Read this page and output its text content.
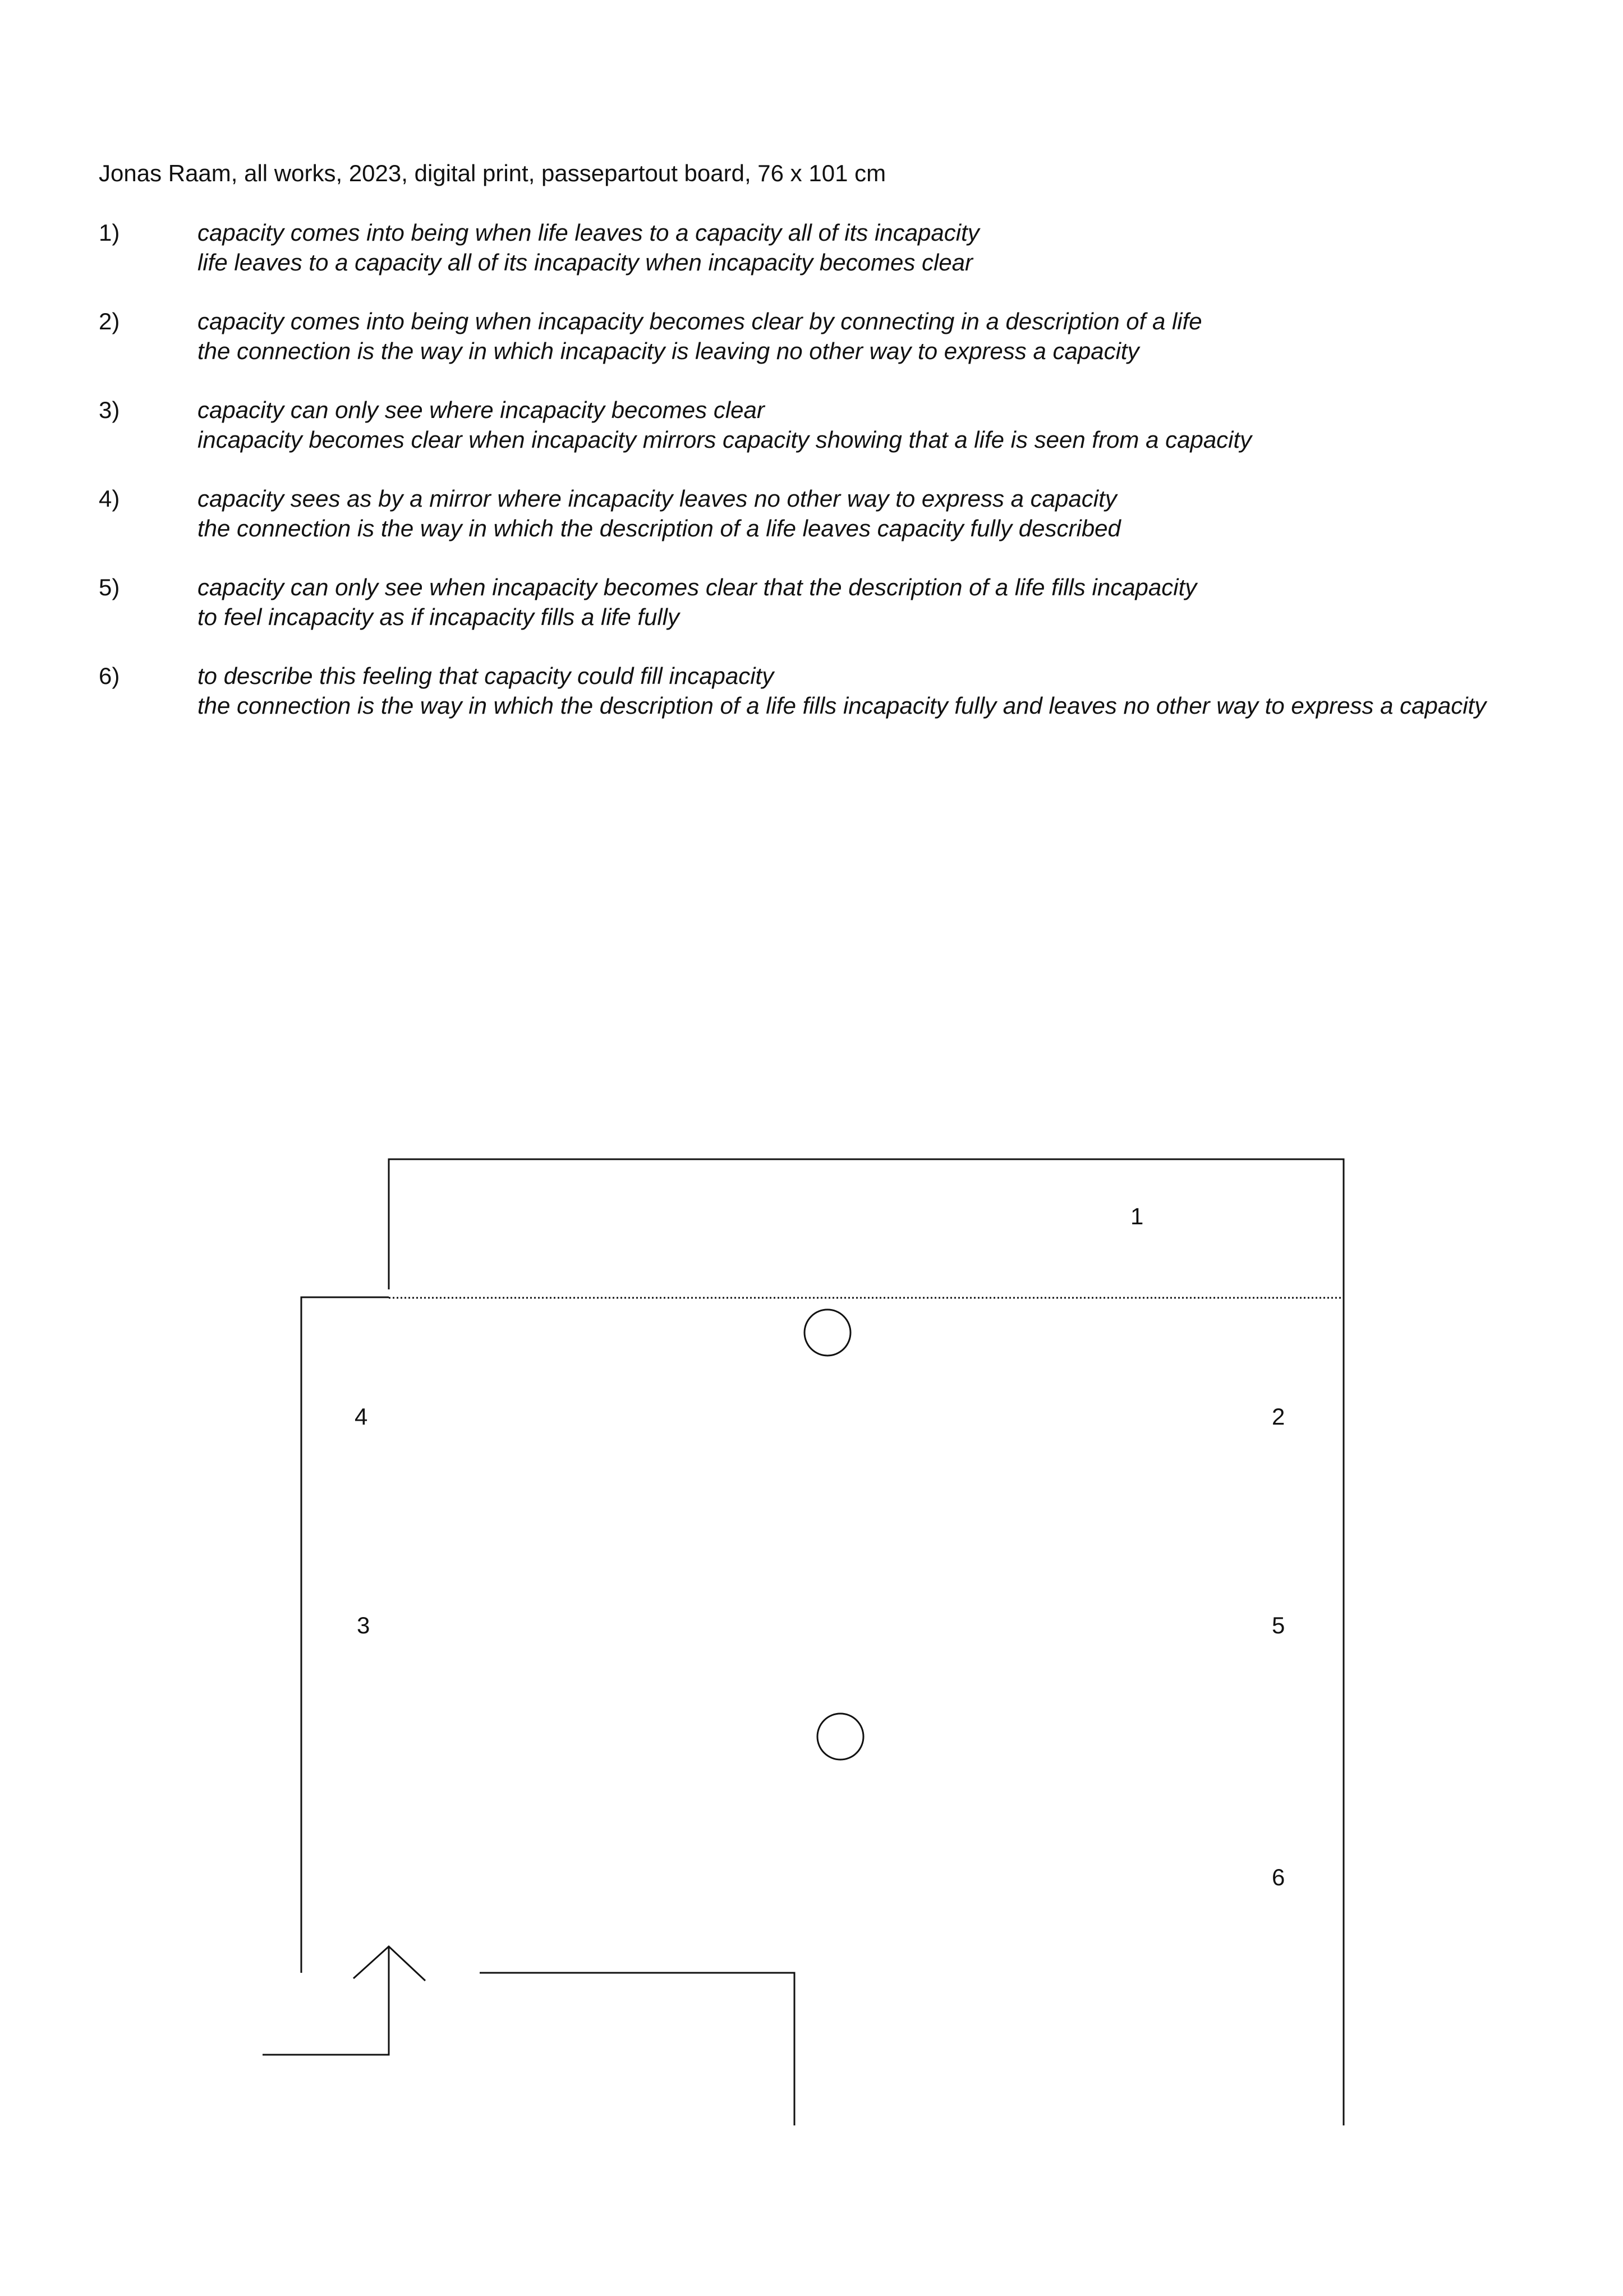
Jonas Raam, all works, 2023, digital print, passepartout board, 76 x 101 cm
1)	capacity comes into being when life leaves to a capacity all of its incapacity
life leaves to a capacity all of its incapacity when incapacity becomes clear
2)	capacity comes into being when incapacity becomes clear by connecting in a description of a life
the connection is the way in which incapacity is leaving no other way to express a capacity
3)	capacity can only see where incapacity becomes clear
incapacity becomes clear when incapacity mirrors capacity showing that a life is seen from a capacity
4)	capacity sees as by a mirror where incapacity leaves no other way to express a capacity
the connection is the way in which the description of a life leaves capacity fully described
5)	capacity can only see when incapacity becomes clear that the description of a life fills incapacity
to feel incapacity as if incapacity fills a life fully
6)	to describe this feeling that capacity could fill incapacity
the connection is the way in which the description of a life fills incapacity fully and leaves no other way to express a capacity
1
2
3
4
5
6
